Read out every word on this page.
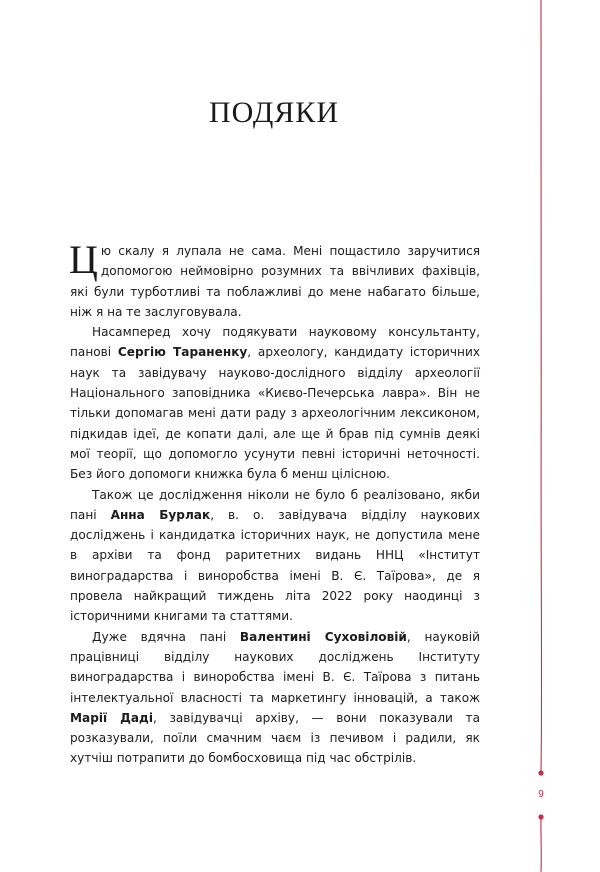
ПОДЯКИ

Цю скалу я лупала не сама. Мені пощастило заручитися допомогою неймовірно розумних та ввічливих фахівців, які були турботливі та поблажливі до мене набагато більше, ніж я на те заслуговувала.

Насамперед хочу подякувати науковому консультанту, панові Сергію Тараненку, археологу, кандидату історичних наук та завідувачу науково-дослідного відділу археології Національного заповідника «Києво-Печерська лавра». Він не тільки допомагав мені дати раду з археологічним лексиконом, підкидав ідеї, де копати далі, але ще й брав під сумнів деякі мої теорії, що допомогло усунути певні історичні неточності. Без його допомоги книжка була б менш цілісною.

Також це дослідження ніколи не було б реалізовано, якби пані Анна Бурлак, в. о. завідувача відділу наукових досліджень і кандидатка історичних наук, не допустила мене в архіви та фонд раритетних видань ННЦ «Інститут виноградарства і виноробства імені В. Є. Таїрова», де я провела найкращий тиждень літа 2022 року наодинці з історичними книгами та статтями.

Дуже вдячна пані Валентині Суховіловій, науковій працівниці відділу наукових досліджень Інституту виноградарства і виноробства імені В. Є. Таїрова з питань інтелектуальної власності та маркетингу інновацій, а також Марії Даді, завідувачці архіву, — вони показували та розказували, поїли смачним чаєм із печивом і радили, як хутчіш потрапити до бомбосховища під час обстрілів.

9
